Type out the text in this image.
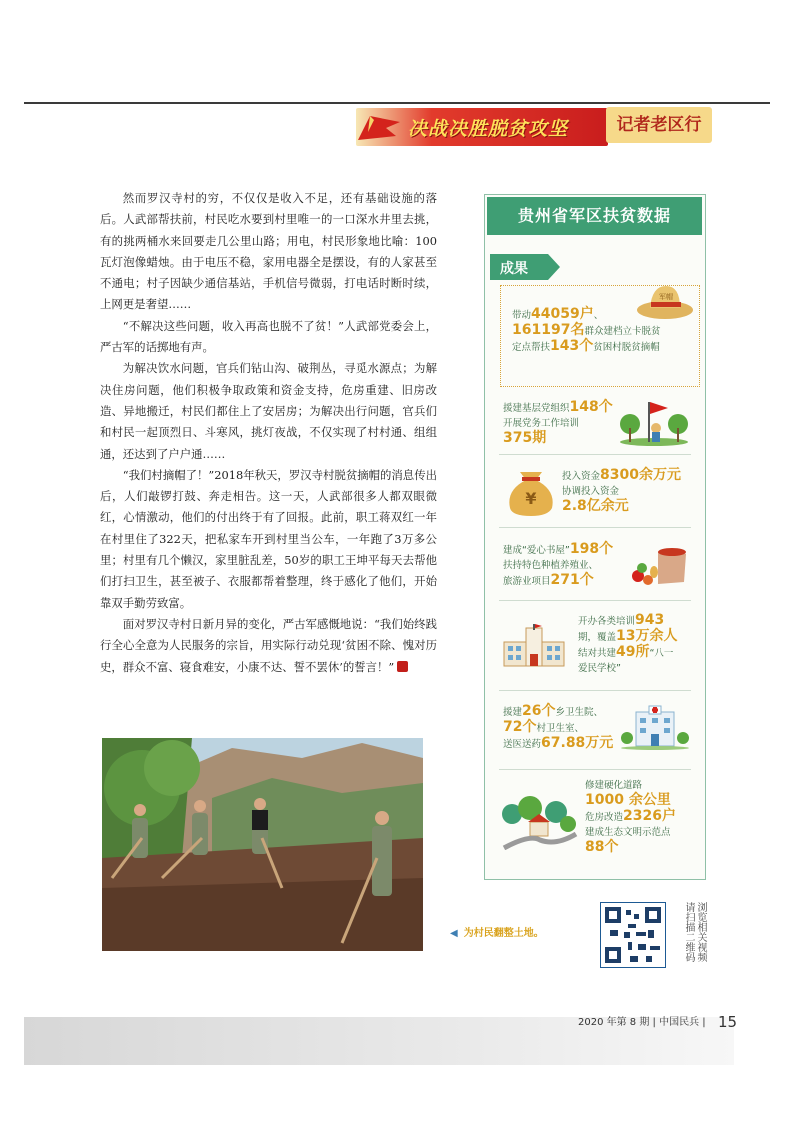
决战决胜脱贫攻坚	记者老区行

然而罗汉寺村的穷，不仅仅是收入不足，还有基础设施的落后。人武部帮扶前，村民吃水要到村里唯一的一口深水井里去挑，有的挑两桶水来回要走几公里山路；用电，村民形象地比喻：100瓦灯泡像蜡烛。由于电压不稳，家用电器全是摆设，有的人家甚至不通电；村子因缺少通信基站，手机信号微弱，打电话时断时续，上网更是奢望……

“不解决这些问题，收入再高也脱不了贫！”人武部党委会上，严古军的话掷地有声。

为解决饮水问题，官兵们钻山沟、破荆丛，寻觅水源点；为解决住房问题，他们积极争取政策和资金支持，危房重建、旧房改造、异地搬迁，村民们都住上了安居房；为解决出行问题，官兵们和村民一起顶烈日、斗寒风，挑灯夜战，不仅实现了村村通、组组通，还达到了户户通……

“我们村摘帽了！”2018年秋天，罗汉寺村脱贫摘帽的消息传出后，人们敲锣打鼓、奔走相告。这一天，人武部很多人都双眼微红，心情激动，他们的付出终于有了回报。此前，职工蒋双红一年在村里住了322天，把私家车开到村里当公车，一年跑了3万多公里；村里有几个懒汉，家里脏乱差，50岁的职工王坤平每天去帮他们打扫卫生，甚至被子、衣服都帮着整理，终于感化了他们，开始靠双手勤劳致富。

面对罗汉寺村日新月异的变化，严古军感慨地说：“我们始终践行全心全意为人民服务的宗旨，用实际行动兑现‘贫困不除、愧对历史，群众不富、寝食难安，小康不达、誓不罢休’的誓言！”

◀ 为村民翻整土地。	浏览相关视频请扫描二维码
贵州省军区扶贫数据
成果
军帽
带动44059户、
161197名群众建档立卡脱贫
定点帮扶143个贫困村脱贫摘帽
援建基层党组织148个
开展党务工作培训
375期
¥
投入资金8300余万元
协调投入资金
2.8亿余元
建成“爱心书屋”198个
扶持特色种植养殖业、
旅游业项目271个
开办各类培训943
期，覆盖13万余人
结对共建49所“八一
爱民学校”
援建26个乡卫生院、
72个村卫生室、
送医送药67.88万元
修建硬化道路
1000 余公里
危房改造2326户
建成生态文明示范点
88个
2020 年第 8 期 | 中国民兵 | 15
